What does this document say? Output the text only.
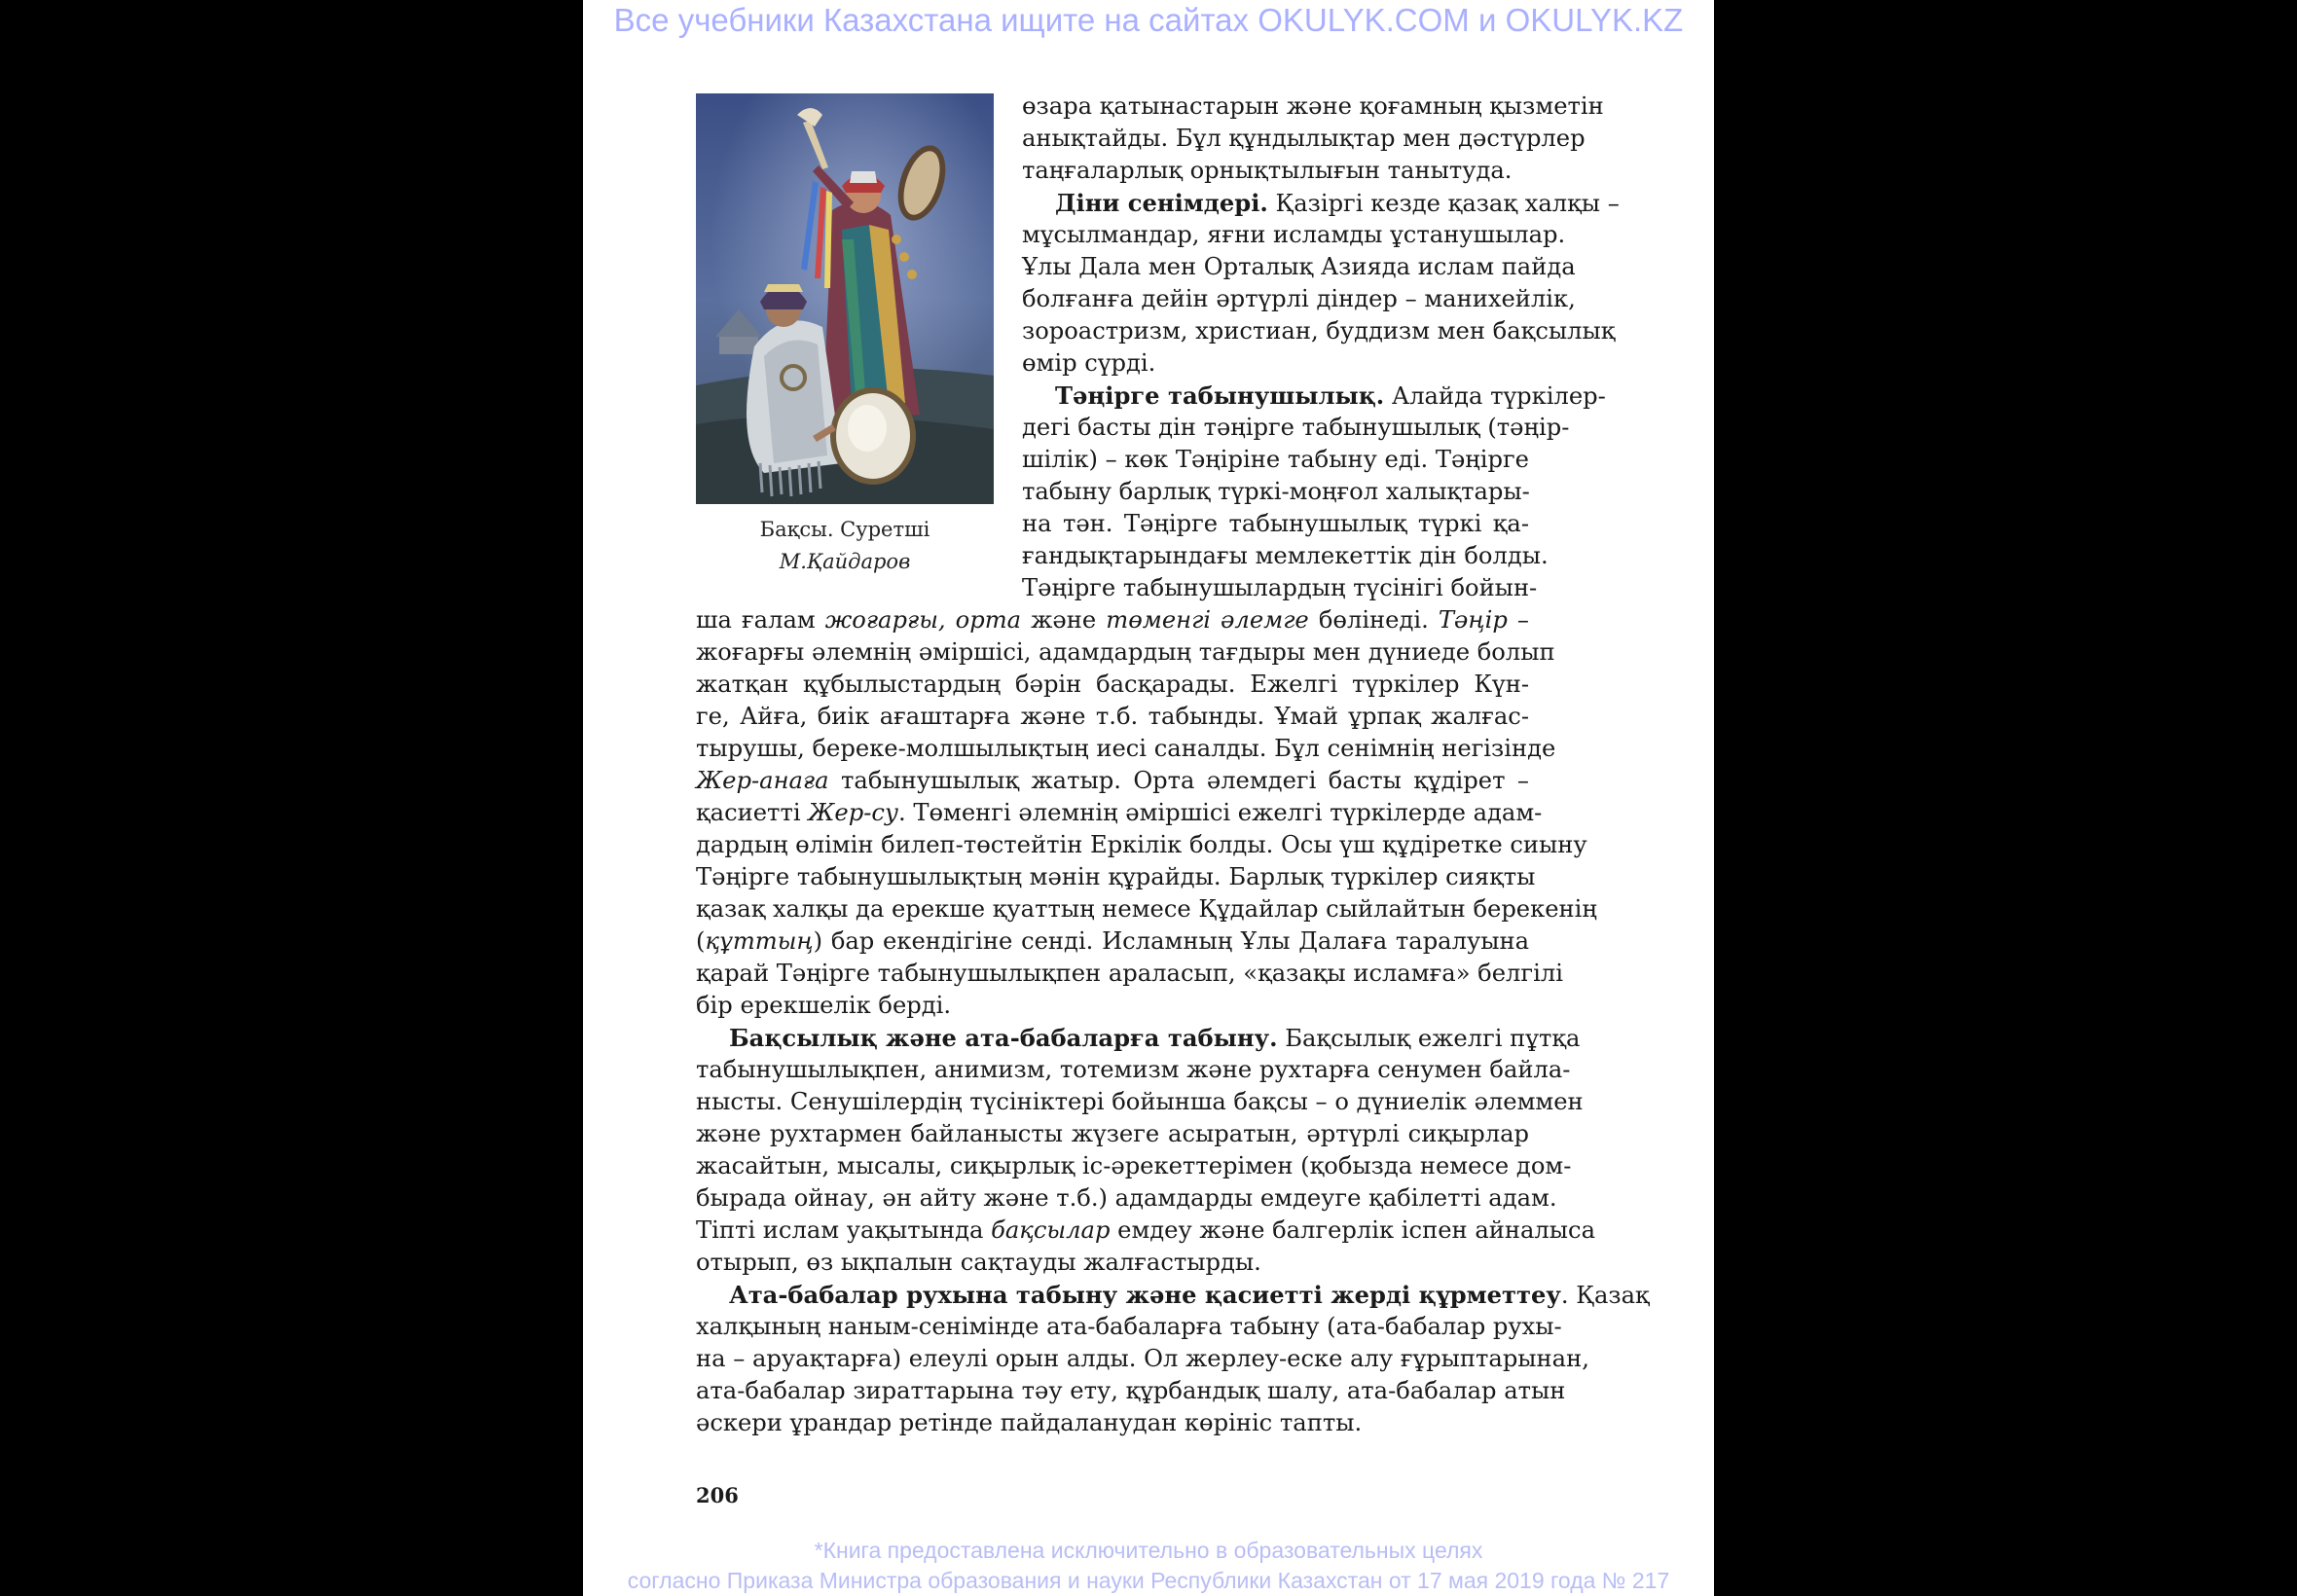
Все учебники Казахстана ищите на сайтах OKULYK.COM и OKULYK.KZ
Бақсы. Суретші
М.Қайдаров
өзара қатынастарын және қоғамның қызметін
анықтайды. Бұл құндылықтар мен дәстүрлер
таңғаларлық орнықтылығын танытуда.
Діни сенімдері. Қазіргі кезде қазақ халқы –
мұсылмандар, яғни исламды ұстанушылар.
Ұлы Дала мен Орталық Азияда ислам пайда
болғанға дейін әртүрлі діндер – манихейлік,
зороастризм, христиан, буддизм мен бақсылық
өмір сүрді.
Тәңірге табынушылық. Алайда түркілер-
дегі басты дін тәңірге табынушылық (тәңір-
шілік) – көк Тәңіріне табыну еді. Тәңірге
табыну барлық түркі-моңғол халықтары-
на тән. Тәңірге табынушылық түркі қа-
ғандықтарындағы мемлекеттік дін болды.
Тәңірге табынушылардың түсінігі бойын-
ша ғалам жоғарғы, орта және төменгі әлемге бөлінеді. Тәңір –
жоғарғы әлемнің әміршісі, адамдардың тағдыры мен дүниеде болып
жатқан құбылыстардың бәрін басқарады. Ежелгі түркілер Күн-
ге, Айға, биік ағаштарға және т.б. табынды. Ұмай ұрпақ жалғас-
тырушы, береке-молшылықтың иесі саналды. Бұл сенімнің негізінде
Жер-анаға табынушылық жатыр. Орта әлемдегі басты құдірет –
қасиетті Жер-су. Төменгі әлемнің әміршісі ежелгі түркілерде адам-
дардың өлімін билеп-төстейтін Еркілік болды. Осы үш құдіретке сиыну
Тәңірге табынушылықтың мәнін құрайды. Барлық түркілер сияқты
қазақ халқы да ерекше қуаттың немесе Құдайлар сыйлайтын берекенің
(құттың) бар екендігіне сенді. Исламның Ұлы Далаға таралуына
қарай Тәңірге табынушылықпен араласып, «қазақы исламға» белгілі
бір ерекшелік берді.
Бақсылық және ата-бабаларға табыну. Бақсылық ежелгі пұтқа
табынушылықпен, анимизм, тотемизм және рухтарға сенумен байла-
нысты. Сенушілердің түсініктері бойынша бақсы – о дүниелік әлеммен
және рухтармен байланысты жүзеге асыратын, әртүрлі сиқырлар
жасайтын, мысалы, сиқырлық іс-әрекеттерімен (қобызда немесе дом-
бырада ойнау, ән айту және т.б.) адамдарды емдеуге қабілетті адам.
Тіпті ислам уақытында бақсылар емдеу және балгерлік іспен айналыса
отырып, өз ықпалын сақтауды жалғастырды.
Ата-бабалар рухына табыну және қасиетті жерді құрметтеу. Қазақ
халқының наным-сенімінде ата-бабаларға табыну (ата-бабалар рухы-
на – аруақтарға) елеулі орын алды. Ол жерлеу-еске алу ғұрыптарынан,
ата-бабалар зираттарына тәу ету, құрбандық шалу, ата-бабалар атын
әскери ұрандар ретінде пайдаланудан көрініс тапты.
206
*Книга предоставлена исключительно в образовательных целях
согласно Приказа Министра образования и науки Республики Казахстан от 17 мая 2019 года № 217
